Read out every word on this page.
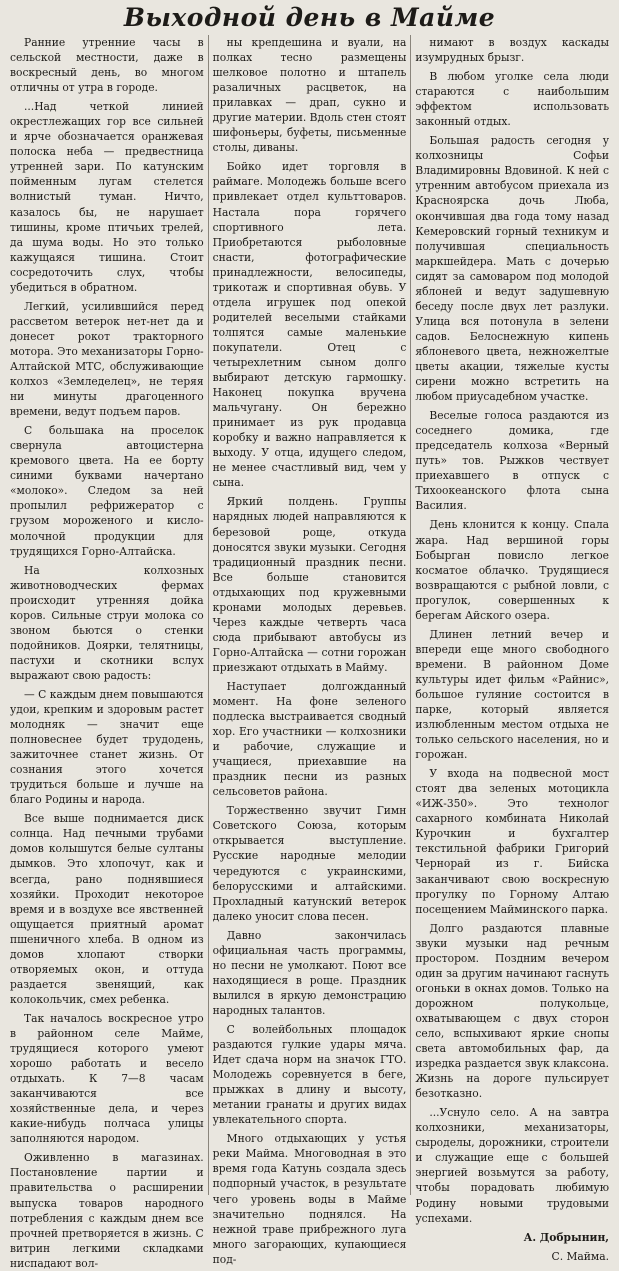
Выходной день в Майме

Ранние утренние часы в сельской местности, даже в воскресный день, во многом отличны от утра в городе.

...Над четкой линией окрестлежащих гор все сильней и ярче обозначается оранжевая полоска неба — предвестница утренней зари. По катунским пойменным лугам стелется волнистый туман. Ничто, казалось бы, не нарушает тишины, кроме птичьих трелей, да шума воды. Но это только кажущаяся тишина. Стоит сосредоточить слух, чтобы убедиться в обратном.

Легкий, усилившийся перед рассветом ветерок нет-нет да и донесет рокот тракторного мотора. Это механизаторы Горно-Алтайской МТС, обслуживающие колхоз «Земледелец», не теряя ни минуты драгоценного времени, ведут подъем паров.

С большака на проселок свернула автоцистерна кремового цвета. На ее борту синими буквами начертано «молоко». Следом за ней пропылил рефрижератор с грузом мороженого и кисло-молочной продукции для трудящихся Горно-Алтайска.

На колхозных животноводческих фермах происходит утренняя дойка коров. Сильные струи молока со звоном бьются о стенки подойников. Доярки, телятницы, пастухи и скотники вслух выражают свою радость:

— С каждым днем повышаются удои, крепким и здоровым растет молодняк — значит еще полновеснее будет трудодень, зажиточнее станет жизнь. От сознания этого хочется трудиться больше и лучше на благо Родины и народа.

Все выше поднимается диск солнца. Над печными трубами домов колышутся белые султаны дымков. Это хлопочут, как и всегда, рано поднявшиеся хозяйки. Проходит некоторое время и в воздухе все явственней ощущается приятный аромат пшеничного хлеба. В одном из домов хлопают створки отворяемых окон, и оттуда раздается звенящий, как колокольчик, смех ребенка.

Так началось воскресное утро в районном селе Майме, трудящиеся которого умеют хорошо работать и весело отдыхать. К 7—8 часам заканчиваются все хозяйственные дела, и через какие-нибудь полчаса улицы заполняются народом.

Оживленно в магазинах. Постановление партии и правительства о расширении выпуска товаров народного потребления с каждым днем все прочней претворяется в жизнь. С витрин легкими складками ниспадают вол-

ны крепдешина и вуали, на полках тесно размещены шелковое полотно и штапель разаличных расцветок, на прилавках — драп, сукно и другие материи. Вдоль стен стоят шифоньеры, буфеты, письменные столы, диваны.

Бойко идет торговля в раймаге. Молодежь больше всего привлекает отдел культтоваров. Настала пора горячего спортивного лета. Приобретаются рыболовные снасти, фотографические принадлежности, велосипеды, трикотаж и спортивная обувь. У отдела игрушек под опекой родителей веселыми стайками толпятся самые маленькие покупатели. Отец с четырехлетним сыном долго выбирают детскую гармошку. Наконец покупка вручена мальчугану. Он бережно принимает из рук продавца коробку и важно направляется к выходу. У отца, идущего следом, не менее счастливый вид, чем у сына.

Яркий полдень. Группы нарядных людей направляются к березовой роще, откуда доносятся звуки музыки. Сегодня традиционный праздник песни. Все больше становится отдыхающих под кружевными кронами молодых деревьев. Через каждые четверть часа сюда прибывают автобусы из Горно-Алтайска — сотни горожан приезжают отдыхать в Майму.

Наступает долгожданный момент. На фоне зеленого подлеска выстраивается сводный хор. Его участники — колхозники и рабочие, служащие и учащиеся, приехавшие на праздник песни из разных сельсоветов района.

Торжественно звучит Гимн Советского Союза, которым открывается выступление. Русские народные мелодии чередуются с украинскими, белорусскими и алтайскими. Прохладный катунский ветерок далеко уносит слова песен.

Давно закончилась официальная часть программы, но песни не умолкают. Поют все находящиеся в роще. Праздник вылился в яркую демонстрацию народных талантов.

С волейбольных площадок раздаются гулкие удары мяча. Идет сдача норм на значок ГТО. Молодежь соревнуется в беге, прыжках в длину и высоту, метании гранаты и других видах увлекательного спорта.

Много отдыхающих у устья реки Майма. Многоводная в это время года Катунь создала здесь подпорный участок, в результате чего уровень воды в Майме значительно поднялся. На нежной траве прибрежного луга много загорающих, купающиеся под-

нимают в воздух каскады изумрудных брызг.

В любом уголке села люди стараются с наибольшим эффектом использовать законный отдых.

Большая радость сегодня у колхозницы Софьи Владимировны Вдовиной. К ней с утренним автобусом приехала из Красноярска дочь Люба, окончившая два года тому назад Кемеровский горный техникум и получившая специальность маркшейдера. Мать с дочерью сидят за самоваром под молодой яблоней и ведут задушевную беседу после двух лет разлуки. Улица вся потонула в зелени садов. Белоснежную кипень яблоневого цвета, нежножелтые цветы акации, тяжелые кусты сирени можно встретить на любом приусадебном участке.

Веселые голоса раздаются из соседнего домика, где председатель колхоза «Верный путь» тов. Рыжков чествует приехавшего в отпуск с Тихоокеанского флота сына Василия.

День клонится к концу. Спала жара. Над вершиной горы Бобырган повисло легкое косматое облачко. Трудящиеся возвращаются с рыбной ловли, с прогулок, совершенных к берегам Айского озера.

Длинен летний вечер и впереди еще много свободного времени. В районном Доме культуры идет фильм «Райнис», большое гуляние состоится в парке, который является излюбленным местом отдыха не только сельского населения, но и горожан.

У входа на подвесной мост стоят два зеленых мотоцикла «ИЖ-350». Это технолог сахарного комбината Николай Курочкин и бухгалтер текстильной фабрики Григорий Чернорай из г. Бийска заканчивают свою воскресную прогулку по Горному Алтаю посещением Майминского парка.

Долго раздаются плавные звуки музыки над речным простором. Поздним вечером один за другим начинают гаснуть огоньки в окнах домов. Только на дорожном полукольце, охватывающем с двух сторон село, вспыхивают яркие снопы света автомобильных фар, да изредка раздается звук клаксона. Жизнь на дороге пульсирует безотказно.

...Уснуло село. А на завтра колхозники, механизаторы, сыроделы, дорожники, строители и служащие еще с большей энергией возьмутся за работу, чтобы порадовать любимую Родину новыми трудовыми успехами.

А. Добрынин,

С. Майма.
